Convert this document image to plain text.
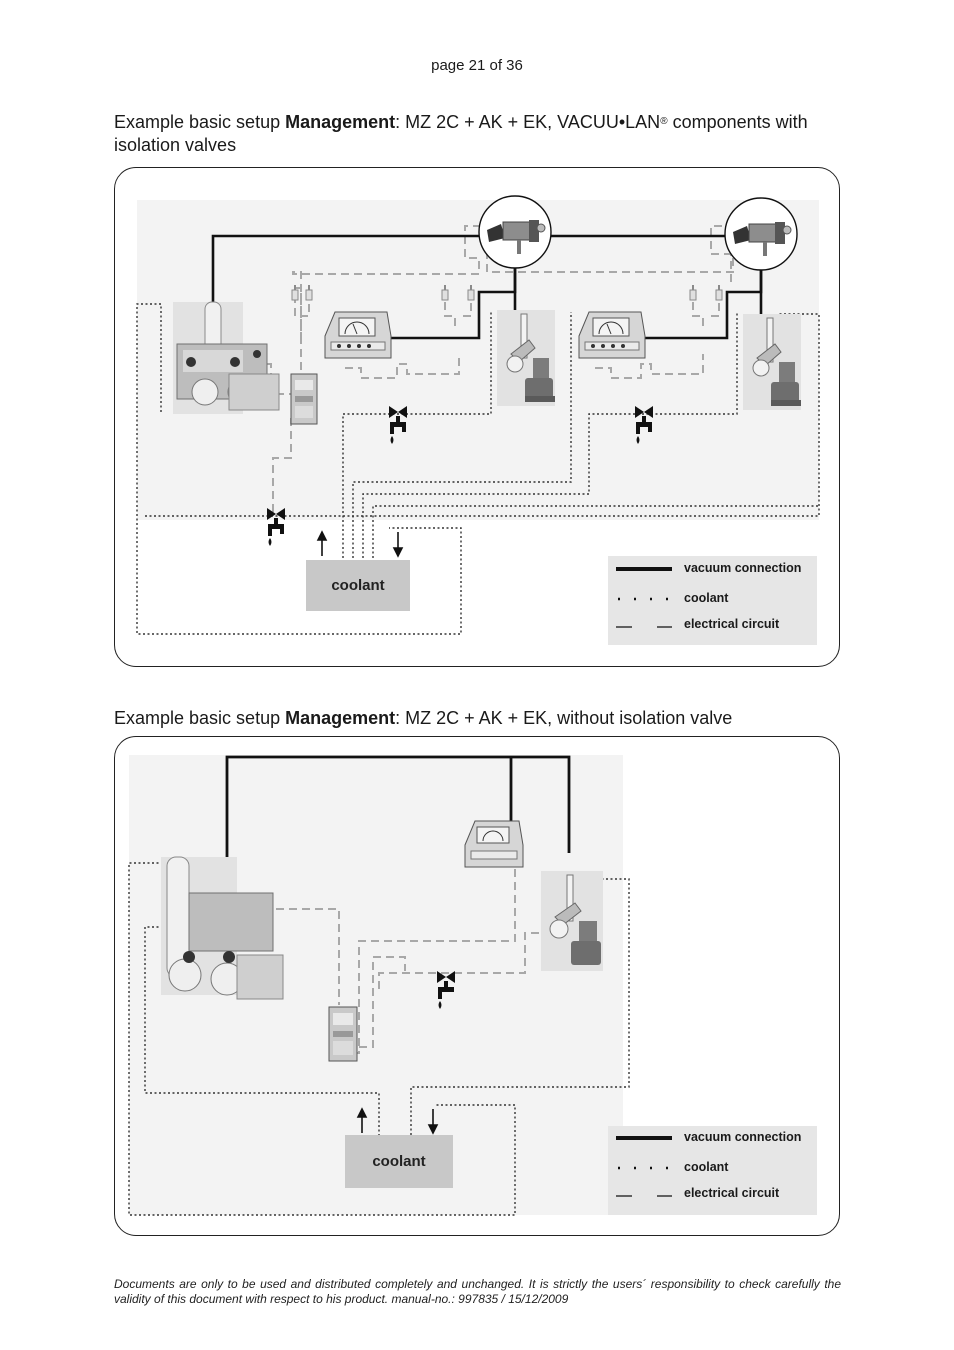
page 21 of 36
Example basic setup Management: MZ 2C + AK + EK, VACUU•LAN® components with isolation valves
coolant
vacuum connection
coolant
electrical circuit
Example basic setup Management: MZ 2C + AK + EK, without isolation valve
coolant
vacuum connection
coolant
electrical circuit
Documents are only to be used and distributed completely and unchanged. It is strictly the users´ responsibility to check carefully the validity of this document with respect to his product. manual-no.: 997835 / 15/12/2009
